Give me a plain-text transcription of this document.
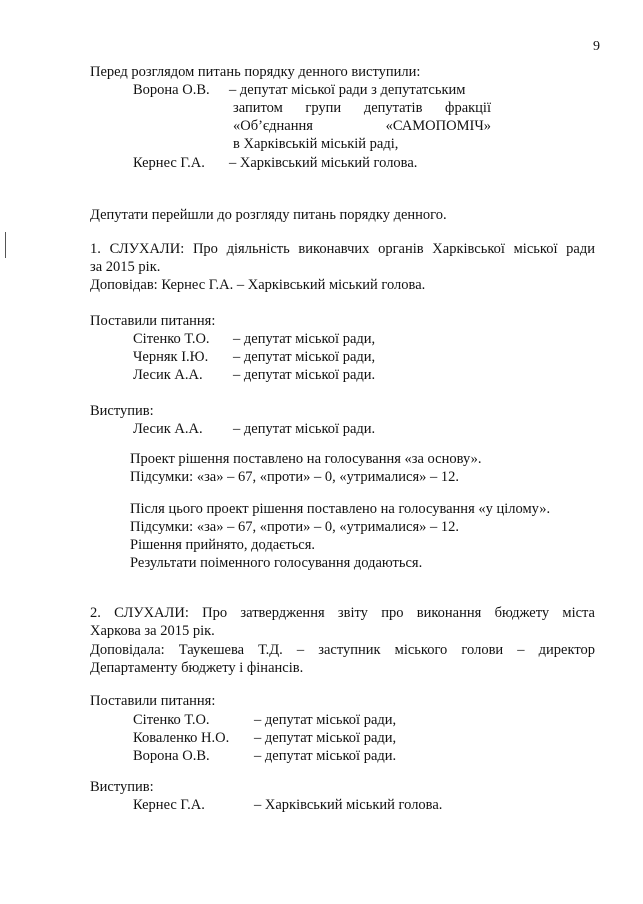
9
Перед розглядом питань порядку денного виступили:
Ворона О.В. – депутат міської ради з депутатським
запитом групи депутатів фракції
«Об’єднання «САМОПОМІЧ»
в Харківській міській раді,
Кернес Г.А. – Харківський міський голова.
Депутати перейшли до розгляду питань порядку денного.
1. СЛУХАЛИ: Про діяльність виконавчих органів Харківської міської ради
за 2015 рік.
Доповідав: Кернес Г.А. – Харківський міський голова.
Поставили питання:
Сітенко Т.О. – депутат міської ради,
Черняк І.Ю. – депутат міської ради,
Лесик А.А. – депутат міської ради.
Виступив:
Лесик А.А. – депутат міської ради.
Проект рішення поставлено на голосування «за основу».
Підсумки: «за» – 67, «проти» – 0, «утрималися» – 12.
Після цього проект рішення поставлено на голосування «у цілому».
Підсумки: «за» – 67, «проти» – 0, «утрималися» – 12.
Рішення прийнято, додається.
Результати поіменного голосування додаються.
2. СЛУХАЛИ: Про затвердження звіту про виконання бюджету міста
Харкова за 2015 рік.
Доповідала: Таукешева Т.Д. – заступник міського голови – директор
Департаменту бюджету і фінансів.
Поставили питання:
Сітенко Т.О.	– депутат міської ради,
Коваленко Н.О. – депутат міської ради,
Ворона О.В.	– депутат міської ради.
Виступив:
Кернес Г.А.	– Харківський міський голова.
